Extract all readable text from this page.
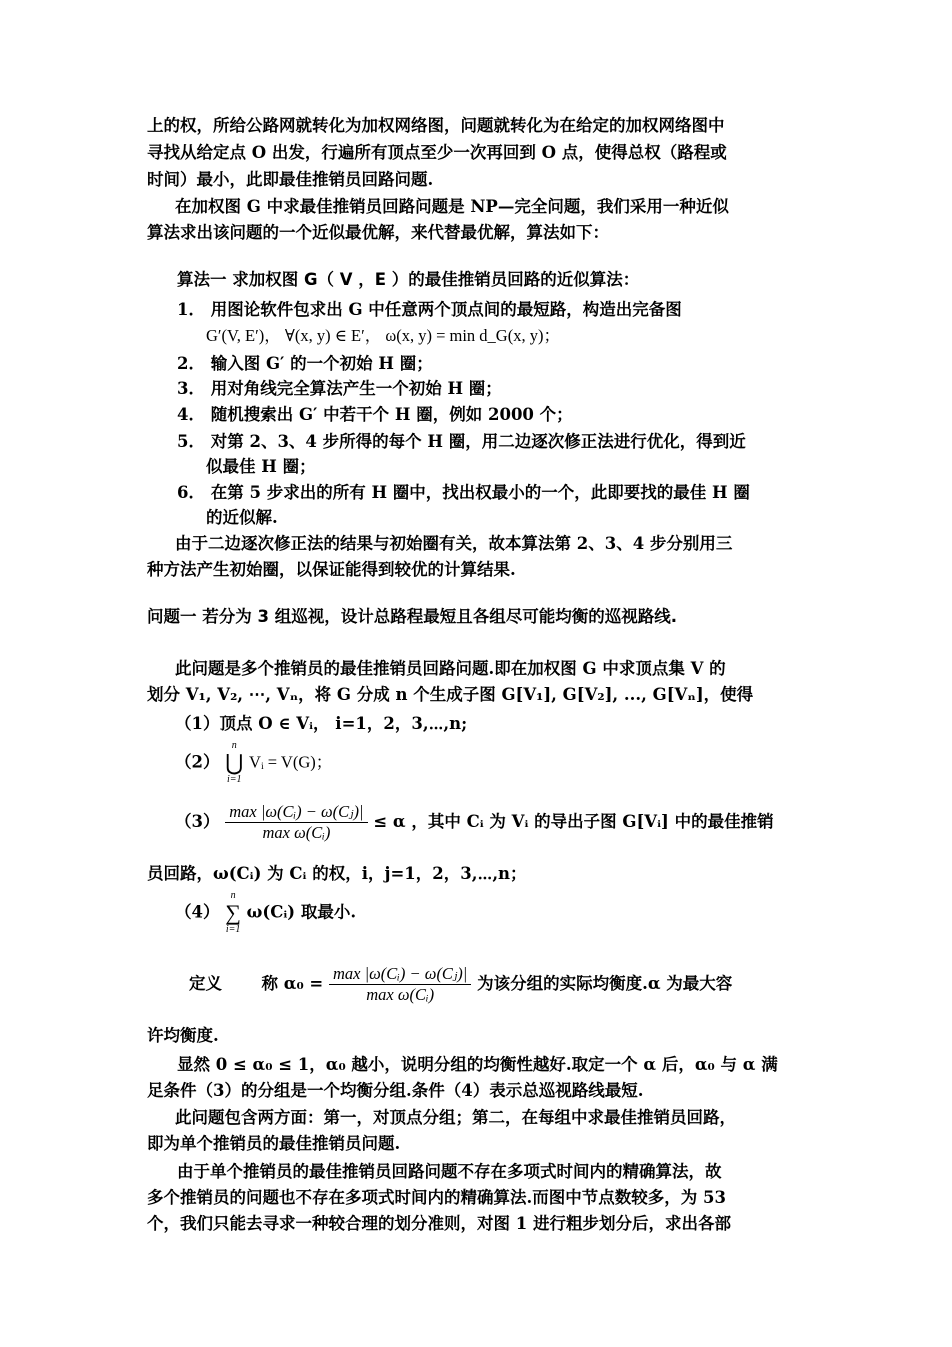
上的权，所给公路网就转化为加权网络图，问题就转化为在给定的加权网络图中
寻找从给定点 O 出发，行遍所有顶点至少一次再回到 O 点，使得总权（路程或
时间）最小，此即最佳推销员回路问题.
在加权图 G 中求最佳推销员回路问题是 NP—完全问题，我们采用一种近似
算法求出该问题的一个近似最优解，来代替最优解，算法如下：
算法一 求加权图 G（ V ，E ）的最佳推销员回路的近似算法：
1． 用图论软件包求出 G 中任意两个顶点间的最短路，构造出完备图
G′(V, E′)， ∀(x, y) ∈ E′， ω(x, y) = min d_G(x, y)；
2． 输入图 G′ 的一个初始 H 圈；
3． 用对角线完全算法产生一个初始 H 圈；
4． 随机搜索出 G′ 中若干个 H 圈，例如 2000 个；
5． 对第 2、3、4 步所得的每个 H 圈，用二边逐次修正法进行优化，得到近
似最佳 H 圈；
6． 在第 5 步求出的所有 H 圈中，找出权最小的一个，此即要找的最佳 H 圈
的近似解.
由于二边逐次修正法的结果与初始圈有关，故本算法第 2、3、4 步分别用三
种方法产生初始圈，以保证能得到较优的计算结果.
问题一 若分为 3 组巡视，设计总路程最短且各组尽可能均衡的巡视路线.
此问题是多个推销员的最佳推销员回路问题.即在加权图 G 中求顶点集 V 的
划分 V₁, V₂, ⋯, Vₙ，将 G 分成 n 个生成子图 G[V₁], G[V₂], ..., G[Vₙ]，使得
（1）顶点 O ∈ Vᵢ， i=1，2，3,⋯,n;
（2）
n
⋃
i=1
Vᵢ = V(G)；
$(3) \frac{\text{max |ω(Cᵢ) − ω(Cⱼ)|}}{\text{max ω(Cᵢ)}} \le \alpha$ ，其中 Cᵢ 为 Vᵢ 的导出子图 G[Vᵢ] 中的最佳推销
员回路，ω(Cᵢ) 为 Cᵢ 的权，i，j=1，2，3,⋯,n；
（4）
n
∑
i=1
ω(Cᵢ) 取最小.
定义 称 $\alpha_0 = \frac{\text{max |ω(Cᵢ) − ω(Cⱼ)|}}{\text{max ω(Cᵢ)}}$ 为该分组的实际均衡度.α 为最大容
许均衡度.
显然 0 ≤ α₀ ≤ 1，α₀ 越小，说明分组的均衡性越好.取定一个 α 后，α₀ 与 α 满
足条件（3）的分组是一个均衡分组.条件（4）表示总巡视路线最短.
此问题包含两方面：第一，对顶点分组；第二，在每组中求最佳推销员回路，
即为单个推销员的最佳推销员问题.
由于单个推销员的最佳推销员回路问题不存在多项式时间内的精确算法，故
多个推销员的问题也不存在多项式时间内的精确算法.而图中节点数较多，为 53
个，我们只能去寻求一种较合理的划分准则，对图 1 进行粗步划分后，求出各部
